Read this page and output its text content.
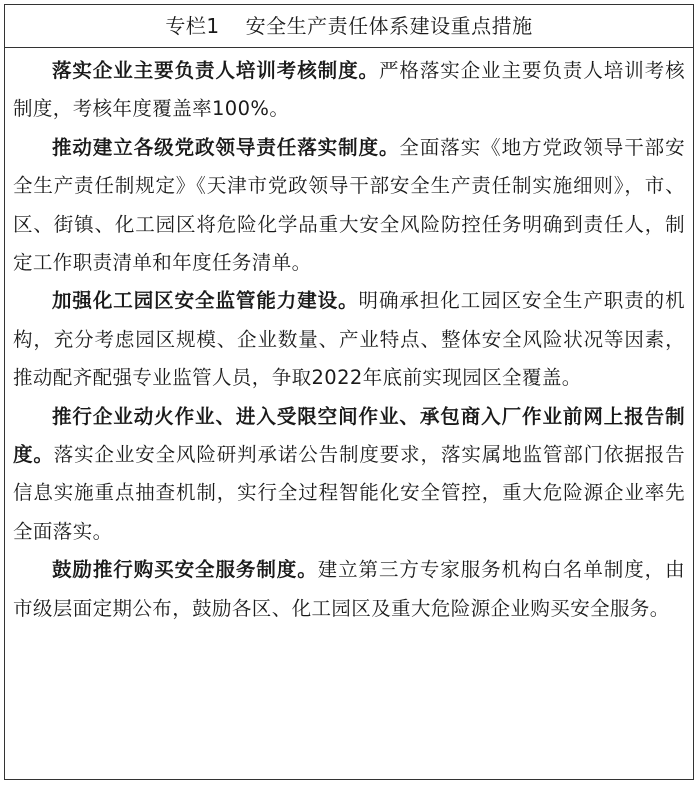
专栏1 安全生产责任体系建设重点措施

落实企业主要负责人培训考核制度。严格落实企业主要负责人培训考核制度，考核年度覆盖率100%。

推动建立各级党政领导责任落实制度。全面落实《地方党政领导干部安全生产责任制规定》《天津市党政领导干部安全生产责任制实施细则》，市、区、街镇、化工园区将危险化学品重大安全风险防控任务明确到责任人，制定工作职责清单和年度任务清单。

加强化工园区安全监管能力建设。明确承担化工园区安全生产职责的机构，充分考虑园区规模、企业数量、产业特点、整体安全风险状况等因素，推动配齐配强专业监管人员，争取2022年底前实现园区全覆盖。

推行企业动火作业、进入受限空间作业、承包商入厂作业前网上报告制度。落实企业安全风险研判承诺公告制度要求，落实属地监管部门依据报告信息实施重点抽查机制，实行全过程智能化安全管控，重大危险源企业率先全面落实。

鼓励推行购买安全服务制度。建立第三方专家服务机构白名单制度，由市级层面定期公布，鼓励各区、化工园区及重大危险源企业购买安全服务。
